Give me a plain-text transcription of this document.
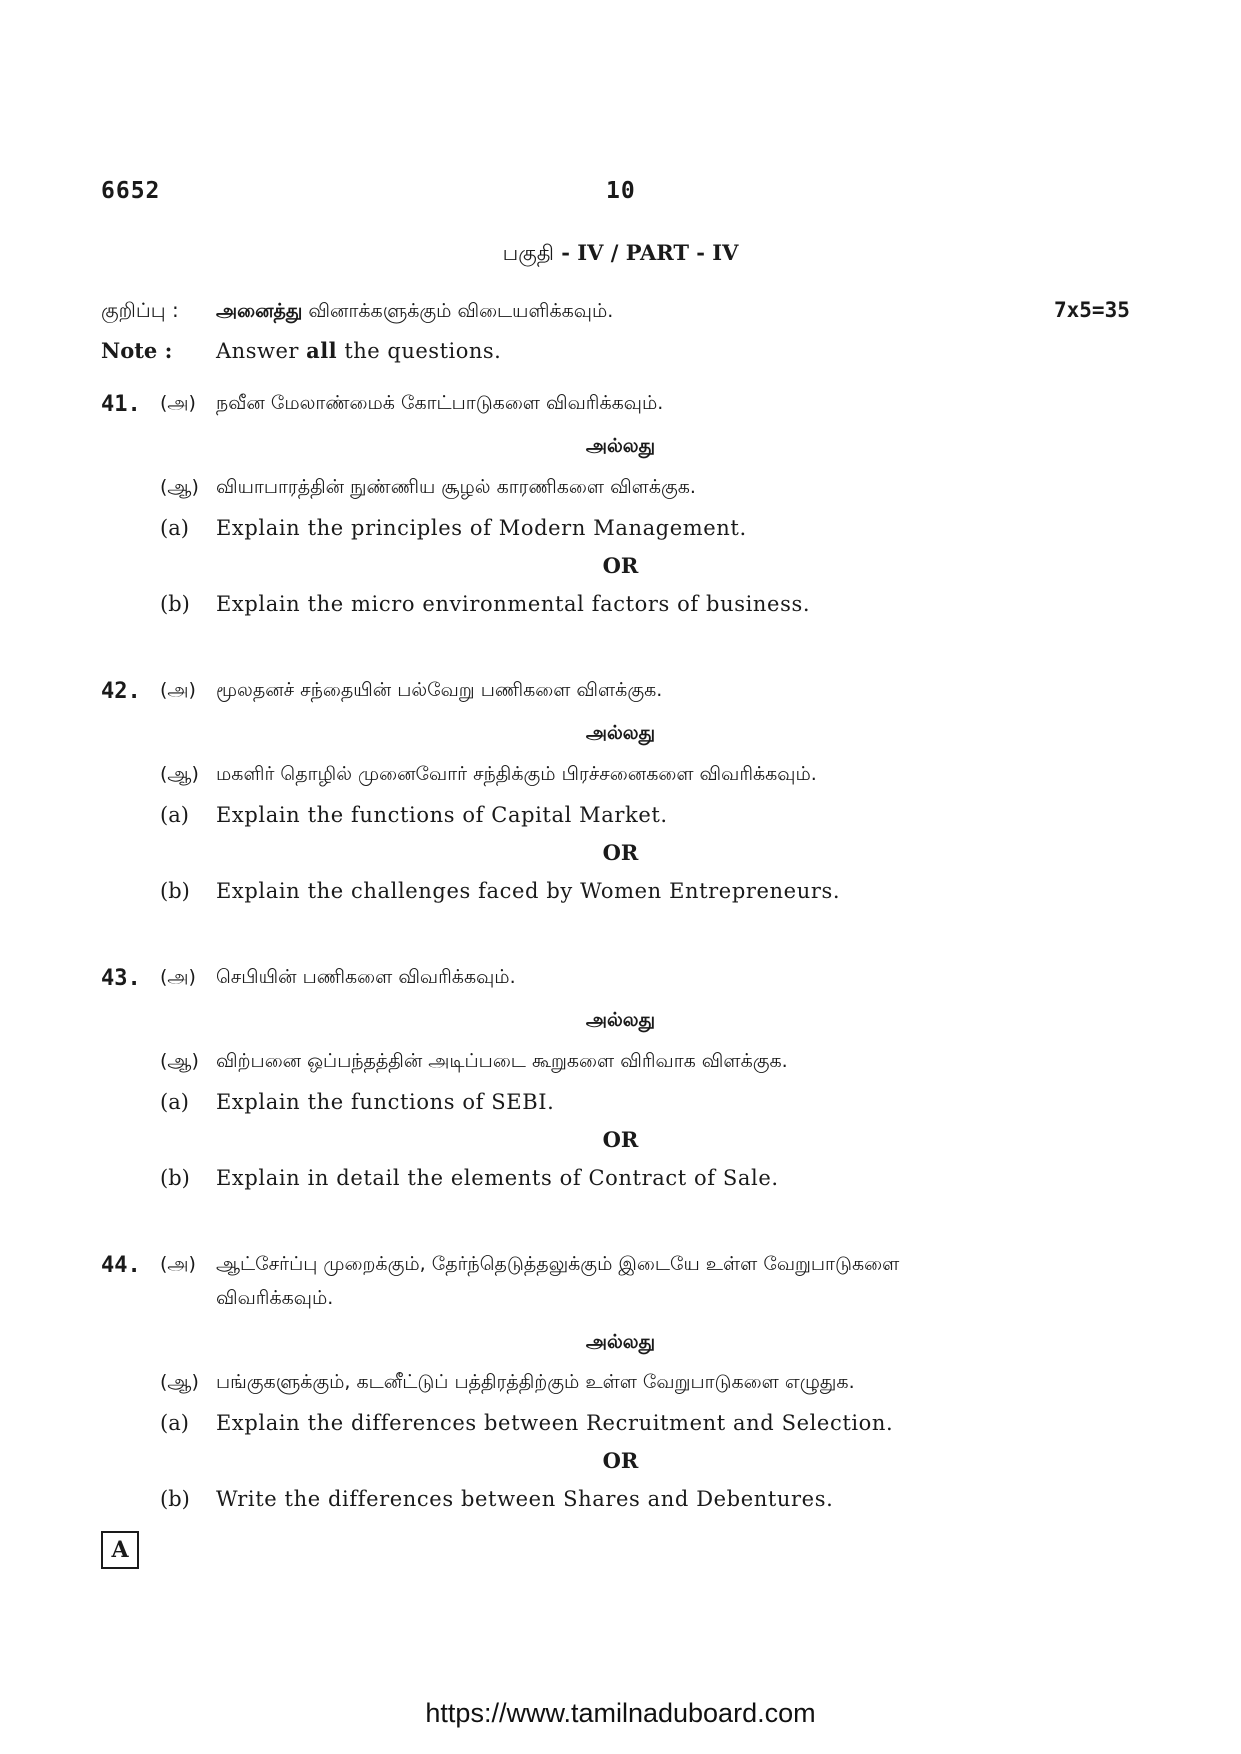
6652	10
பகுதி - IV / PART - IV
குறிப்பு : அனைத்து வினாக்களுக்கும் விடையளிக்கவும்.	7x5=35
Note : Answer all the questions.
41. (அ) நவீன மேலாண்மைக் கோட்பாடுகளை விவரிக்கவும்.
அல்லது
(ஆ) வியாபாரத்தின் நுண்ணிய சூழல் காரணிகளை விளக்குக.
(a) Explain the principles of Modern Management.
OR
(b) Explain the micro environmental factors of business.
42. (அ) மூலதனச் சந்தையின் பல்வேறு பணிகளை விளக்குக.
அல்லது
(ஆ) மகளிர் தொழில் முனைவோர் சந்திக்கும் பிரச்சனைகளை விவரிக்கவும்.
(a) Explain the functions of Capital Market.
OR
(b) Explain the challenges faced by Women Entrepreneurs.
43. (அ) செபியின் பணிகளை விவரிக்கவும்.
அல்லது
(ஆ) விற்பனை ஒப்பந்தத்தின் அடிப்படை கூறுகளை விரிவாக விளக்குக.
(a) Explain the functions of SEBI.
OR
(b) Explain in detail the elements of Contract of Sale.
44. (அ) ஆட்சேர்ப்பு முறைக்கும், தேர்ந்தெடுத்தலுக்கும் இடையே உள்ள வேறுபாடுகளை
விவரிக்கவும்.
அல்லது
(ஆ) பங்குகளுக்கும், கடனீட்டுப் பத்திரத்திற்கும் உள்ள வேறுபாடுகளை எழுதுக.
(a) Explain the differences between Recruitment and Selection.
OR
(b) Write the differences between Shares and Debentures.
A
https://www.tamilnaduboard.com
